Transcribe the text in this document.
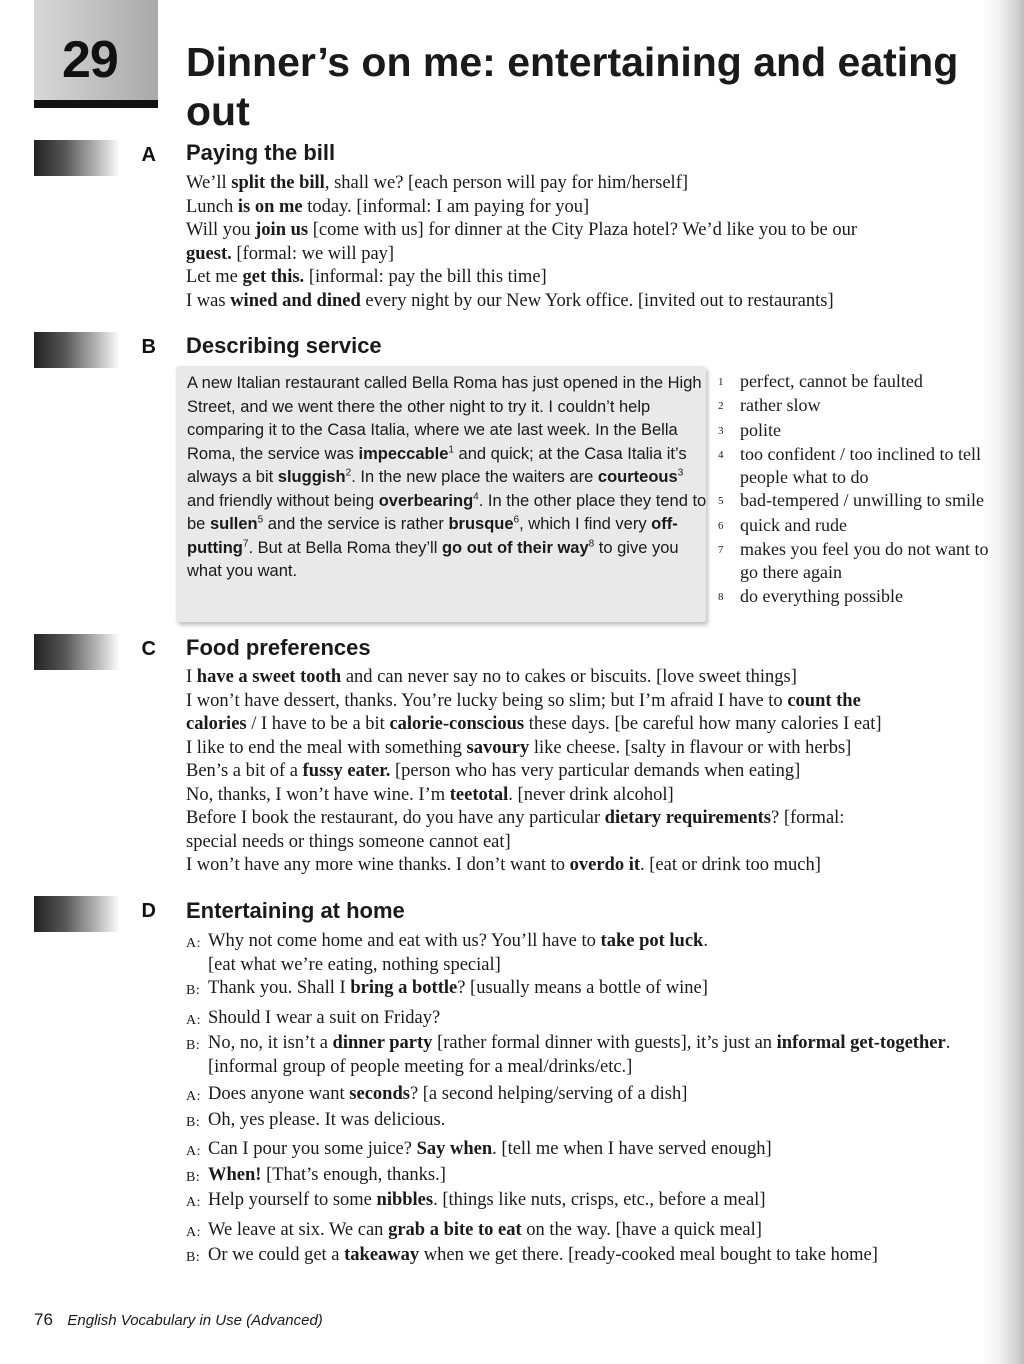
29 Dinner’s on me: entertaining and eating out
A Paying the bill

We’ll split the bill, shall we? [each person will pay for him/herself]

Lunch is on me today. [informal: I am paying for you]

Will you join us [come with us] for dinner at the City Plaza hotel? We’d like you to be our

guest. [formal: we will pay]

Let me get this. [informal: pay the bill this time]

I was wined and dined every night by our New York office. [invited out to restaurants]

B Describing service
A new Italian restaurant called Bella Roma has just opened in the High Street, and we went there the other night to try it. I couldn’t help comparing it to the Casa Italia, where we ate last week. In the Bella Roma, the service was impeccable$^1$ and quick; at the Casa Italia it’s always a bit sluggish$^2$. In the new place the waiters are courteous$^3$ and friendly without being overbearing$^4$. In the other place they tend to be sullen$^5$ and the service is rather brusque$^6$, which I find very off-putting$^7$. But at Bella Roma they’ll go out of their way$^8$ to give you what you want.
1 perfect, cannot be faulted
2 rather slow
3 polite
4 too confident / too inclined to tell people what to do
5 bad-tempered / unwilling to smile
6 quick and rude
7 makes you feel you do not want to go there again
8 do everything possible
C Food preferences

I have a sweet tooth and can never say no to cakes or biscuits. [love sweet things]

I won’t have dessert, thanks. You’re lucky being so slim; but I’m afraid I have to count the

calories / I have to be a bit calorie-conscious these days. [be careful how many calories I eat]

I like to end the meal with something savoury like cheese. [salty in flavour or with herbs]

Ben’s a bit of a fussy eater. [person who has very particular demands when eating]

No, thanks, I won’t have wine. I’m teetotal. [never drink alcohol]

Before I book the restaurant, do you have any particular dietary requirements? [formal:

special needs or things someone cannot eat]

I won’t have any more wine thanks. I don’t want to overdo it. [eat or drink too much]

D Entertaining at home
A: Why not come home and eat with us? You’ll have to take pot luck.
[eat what we’re eating, nothing special]
B: Thank you. Shall I bring a bottle? [usually means a bottle of wine]
A: Should I wear a suit on Friday?
B: No, no, it isn’t a dinner party [rather formal dinner with guests], it’s just an informal get-together. [informal group of people meeting for a meal/drinks/etc.]
A: Does anyone want seconds? [a second helping/serving of a dish]
B: Oh, yes please. It was delicious.
A: Can I pour you some juice? Say when. [tell me when I have served enough]
B: When! [That’s enough, thanks.]
A: Help yourself to some nibbles. [things like nuts, crisps, etc., before a meal]
A: We leave at six. We can grab a bite to eat on the way. [have a quick meal]
B: Or we could get a takeaway when we get there. [ready-cooked meal bought to take home]
76 English Vocabulary in Use (Advanced)
